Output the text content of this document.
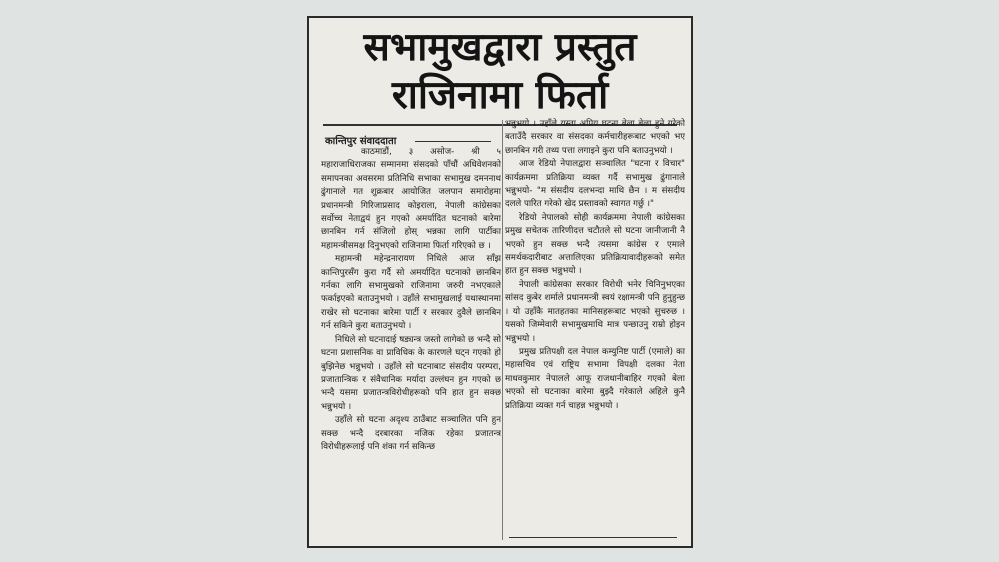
सभामुखद्वारा प्रस्तुत
राजिनामा फिर्ता

काठमाडौं, ३ असोज- श्री ५ महाराजाधिराजका सम्मानमा संसदको पाँचौं अधिवेशनको समापनका अवसरमा प्रतिनिधि सभाका सभामुख दमननाथ ढुंगानाले गत शुक्रबार आयोजित जलपान समारोहमा प्रधानमन्त्री गिरिजाप्रसाद कोइराला, नेपाली कांग्रेसका सर्वोच्च नेताद्वयं हुन गएको अमर्यादित घटनाको बारेमा छानबिन गर्न संजिलो होस् भन्नका लागि पार्टीका महामन्त्रीसमक्ष दिनुभएको राजिनामा फिर्ता गरिएको छ ।

महामन्त्री महेन्द्रनारायण निधिले आज साँझ कान्तिपुरसँग कुरा गर्दै सो अमर्यादित घटनाको छानबिन गर्नका लागि सभामुखको राजिनामा जरुरी नभएकाले फर्काइएको बताउनुभयो । उहाँले सभामुखलाई यथास्थानमा राखेर सो घटनाका बारेमा पार्टी र सरकार दुवैले छानबिन गर्न सकिने कुरा बताउनुभयो ।

निधिले सो घटनादाई षड्यन्त्र जस्तो लागेको छ भन्दै सो घटना प्रशासनिक वा प्राविधिक के कारणले घट्न गएको हो बुझिनेछ भन्नुभयो । उहाँले सो घटनाबाट संसदीय परम्परा, प्रजातान्त्रिक र संवैधानिक मर्यादा उल्लंघन हुन गएको छ भन्दै यसमा प्रजातन्त्रविरोधीहरूको पनि हात हुन सक्छ भन्नुभयो ।

उहाँले सो घटना अदृश्य ठाउँबाट सञ्चालित पनि हुन सक्छ भन्दै दरबारका नजिक रहेका प्रजातन्त्र विरोधीहरूलाई पनि शंका गर्न सकिन्छ

कान्तिपुर संवाददाता

भन्नुभयो । उहाँले यस्ता अप्रिय घटना बेला बेला हुने गरेको बताउँदै सरकार वा संसदका कर्मचारीहरूबाट भएको भए छानबिन गरी तथ्य पत्ता लगाइने कुरा पनि बताउनुभयो ।

आज रेडियो नेपालद्वारा सञ्चालित "घटना र विचार" कार्यक्रममा प्रतिक्रिया व्यक्त गर्दै सभामुख ढुंगानाले भन्नुभयो- "म संसदीय दलभन्दा माथि छैन । म संसदीय दलले पारित गरेको खेद प्रस्तावको स्वागत गर्छु ।"

रेडियो नेपालको सोही कार्यक्रममा नेपाली कांग्रेसका प्रमुख सचेतक तारिणीदत्त चटौतले सो घटना जानीजानी नै भएको हुन सक्छ भन्दै त्यसमा कांग्रेस र एमाले समर्थकदारीबाट अत्तालिएका प्रतिक्रियावादीहरूको समेत हात हुन सक्छ भन्नुभयो ।

नेपाली कांग्रेसका सरकार विरोधी भनेर चिनिनुभएका सांसद कुबेर शर्माले प्रधानमन्त्री स्वयं रक्षामन्त्री पनि हुनुहुन्छ । यो उहाँकै मातहतका मानिसहरूबाट भएको सुचरुछ । यसको जिम्मेवारी सभामुखमाथि मात्र पन्छाउनु राम्रो होइन भन्नुभयो ।

प्रमुख प्रतिपक्षी दल नेपाल कम्युनिष्ट पार्टी (एमाले) का महासचिव एवं राष्ट्रिय सभामा विपक्षी दलका नेता माधवकुमार नेपालले आफू राजधानीबाहिर गएको बेला भएको सो घटनाका बारेमा बुझ्दै गरेकाले अहिले कुनै प्रतिक्रिया व्यक्त गर्न चाहन्न भन्नुभयो ।
